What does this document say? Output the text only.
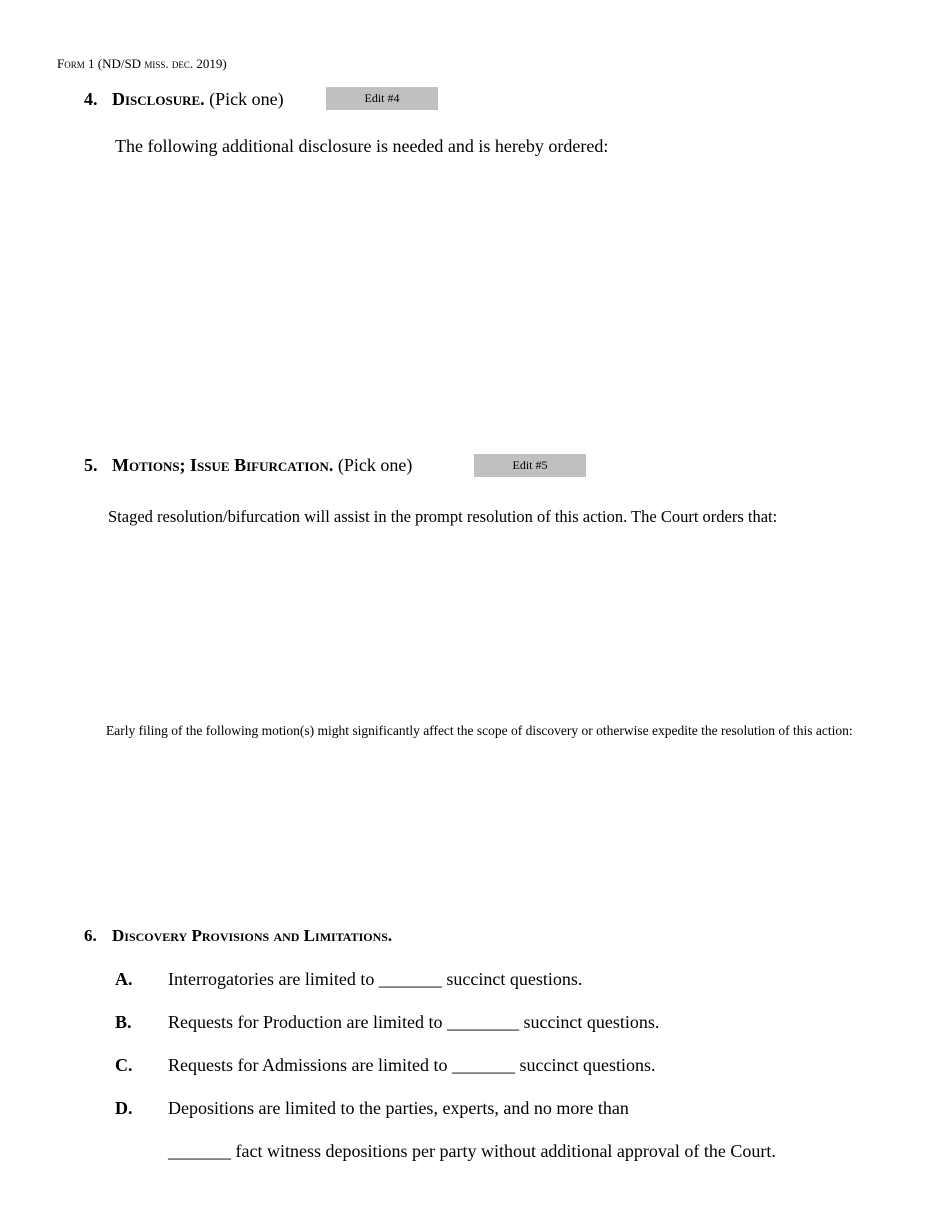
Form 1 (ND/SD miss. dec. 2019)
4. Disclosure. (Pick one)	Edit #4
The following additional disclosure is needed and is hereby ordered:
5. Motions; Issue Bifurcation. (Pick one)	Edit #5
Staged resolution/bifurcation will assist in the prompt resolution of this action. The Court orders that:
Early filing of the following motion(s) might significantly affect the scope of discovery or otherwise expedite the resolution of this action:
6. Discovery Provisions and Limitations.
A. Interrogatories are limited to _______ succinct questions.
B. Requests for Production are limited to ________ succinct questions.
C. Requests for Admissions are limited to _______ succinct questions.
D. Depositions are limited to the parties, experts, and no more than
_______ fact witness depositions per party without additional approval of the Court.
